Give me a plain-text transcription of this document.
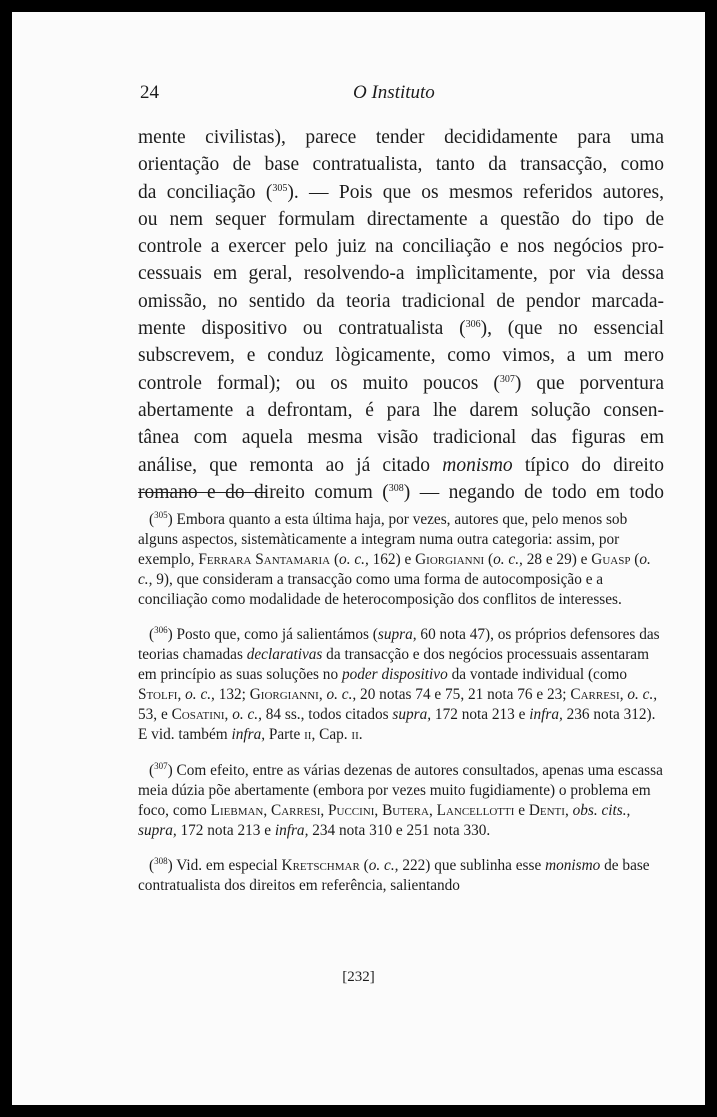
24	O Instituto
mente civilistas), parece tender decididamente para uma
orientação de base contratualista, tanto da transacção, como
da conciliação ($^{305}$). — Pois que os mesmos referidos autores,
ou nem sequer formulam directamente a questão do tipo de
controle a exercer pelo juiz na conciliação e nos negócios pro-
cessuais em geral, resolvendo-a implìcitamente, por via dessa
omissão, no sentido da teoria tradicional de pendor marcada-
mente dispositivo ou contratualista ($^{306}$), (que no essencial
subscrevem, e conduz lògicamente, como vimos, a um mero
controle formal); ou os muito poucos ($^{307}$) que porventura
abertamente a defrontam, é para lhe darem solução consen-
tânea com aquela mesma visão tradicional das figuras em
análise, que remonta ao já citado monismo típico do direito
romano e do direito comum ($^{308}$) — negando de todo em todo

($^{305}$) Embora quanto a esta última haja, por vezes, autores que, pelo menos sob alguns aspectos, sistemàticamente a integram numa outra categoria: assim, por exemplo, Ferrara Santamaria (o. c., 162) e Giorgianni (o. c., 28 e 29) e Guasp (o. c., 9), que consideram a transacção como uma forma de autocomposição e a conciliação como modalidade de heterocomposição dos conflitos de interesses.

($^{306}$) Posto que, como já salientámos (supra, 60 nota 47), os próprios defensores das teorias chamadas declarativas da transacção e dos negócios processuais assentaram em princípio as suas soluções no poder dispositivo da vontade individual (como Stolfi, o. c., 132; Giorgianni, o. c., 20 notas 74 e 75, 21 nota 76 e 23; Carresi, o. c., 53, e Cosatini, o. c., 84 ss., todos citados supra, 172 nota 213 e infra, 236 nota 312). E vid. também infra, Parte ii, Cap. ii.

($^{307}$) Com efeito, entre as várias dezenas de autores consultados, apenas uma escassa meia dúzia põe abertamente (embora por vezes muito fugidiamente) o problema em foco, como Liebman, Carresi, Puccini, Butera, Lancellotti e Denti, obs. cits., supra, 172 nota 213 e infra, 234 nota 310 e 251 nota 330.

($^{308}$) Vid. em especial Kretschmar (o. c., 222) que sublinha esse monismo de base contratualista dos direitos em referência, salientando

[232]
